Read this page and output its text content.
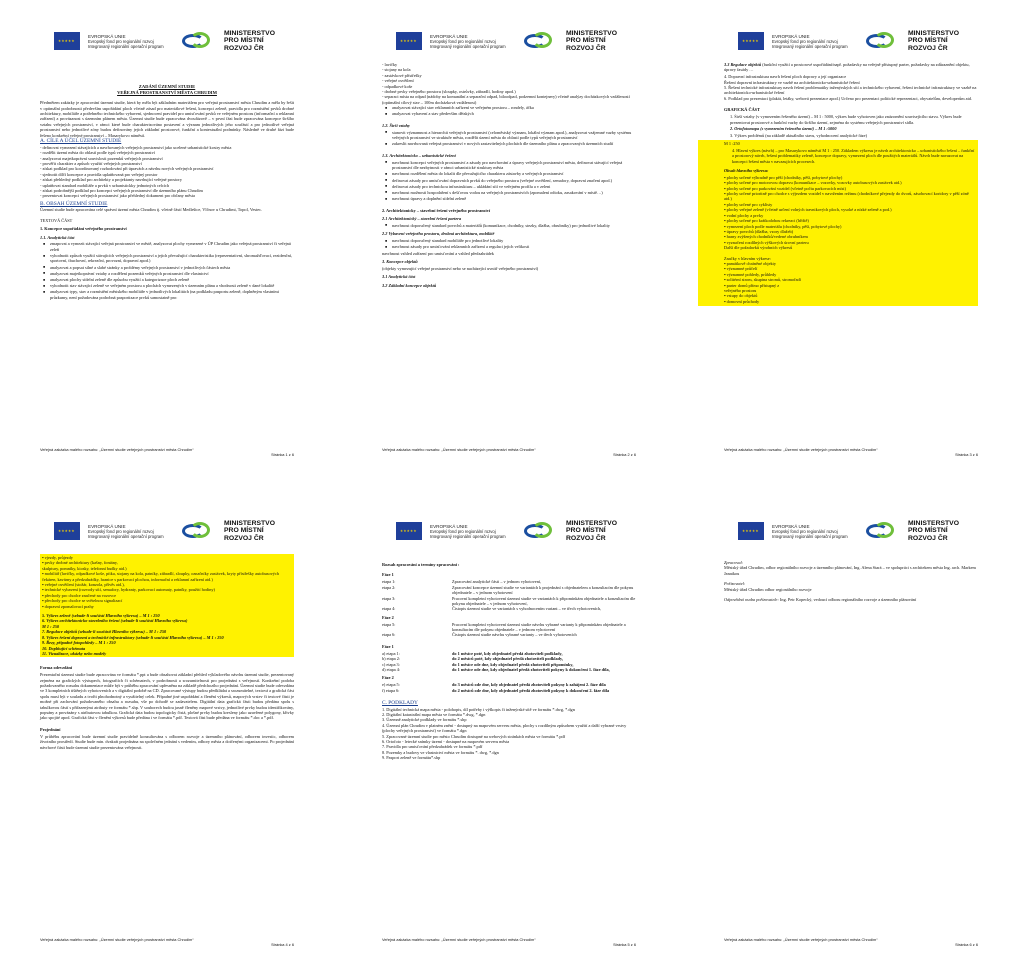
★★★★★
EVROPSKÁ UNIE
Evropský fond pro regionální rozvoj
Integrovaný regionální operační program
MINISTERSTVO
PRO MÍSTNÍ
ROZVOJ ČR
ZADÁNÍ ÚZEMNÍ STUDIE
VEŘEJNÁ PROSTRANSTVÍ MĚSTA CHRUDIM

Předmětem zakázky je zpracování územní studie, která by měla být základním materiálem pro veřejná prostranství města Chrudim a měla by řešit v optimální podrobnosti především uspořádání ploch včetně zásad pro materiálové řešení, koncepci zeleně, pravidla pro rozmístění prvků drobné architektury, mobiliáře a potřebného technického vybavení, sjednocení pravidel pro umisťování prvků ve veřejném prostoru (informační a reklamní zařízení) a provázanost s územním plánem města. Územní studie bude zpracována dvoufázově – v první fázi bude zpracována koncepce širšího vztahu veřejných prostranství, v rámci které bude charakterizováno postavení a význam jednotlivých jeho součástí a pro jednotlivé veřejná prostranství nebo jednotlivé zóny budou definovány jejich základní prostorové, funkční a kontextuální podmínky. Následně ve druhé fázi bude řešeno konkrétní veřejné prostranství – Masarykovo náměstí.

A. CÍLE A ÚČEL ÚZEMNÍ STUDIE
- definovat vymezení stávajících a navrhovaných veřejných prostranství jako ucelené urbanistické kostry města
- rozdělit území města do oblastí podle typů veřejných prostranství
- analyzovat majetkoprávní souvislosti pozemků veřejných prostranství
- prověřit charakter a způsob využití veřejných prostranství
- získat podklad pro koordinovaný rozhodování při úpravách a návrhu nových veřejných prostranství
- sjednotit dílčí koncepce a pravidla uplatňovaná pro veřejný prostor
- získat přehledný podklad pro architekty a projektanty navrhující veřejné prostory
- uplatňovat standard mobiliáře a prvků v urbanistickky jednotných celcích
- získat podrobnější podklad pro koncepci veřejných prostranství dle územního plánu Chrudim
- prezentovat koncepci veřejných prostranství jako přehledný dokument pro občany města
B. OBSAH ÚZEMNÍ STUDIE

Územní studie bude zpracována celé správní území města Chrudim tj. včetně částí Medlešice, Vlčnov u Chrudimi, Topol, Vestec.

TEXTOVÁ ČÁST
1. Koncepce uspořádání veřejného prostranství
1.1. Analytická část
■ zmapovat a vymezit stávající veřejná prostranství ve městě, analyzovat plochy vymezené v ÚP Chrudim jako veřejná prostranství či veřejná zeleň
■ vyhodnotit způsob využití stávajících veřejných prostranství a jejich převažující charakteristika (reprezentativní, shromažďovací, rezidenční, sportovní, tbuchovní, rekreační, provozní, dopravní apod.)
■ analyzovat a popsat silné a slabé stránky a problémy veřejných prostranství v jednotlivých částech města
■ analyzovat majetkoprávní vztahy a rozdělení pozemků veřejných prostranství dle vlastnictví
■ analyzovat plochy sídelní zeleně dle způsobu využití a kategorizace ploch zeleně
■ vyhodnotit stav stávající zeleně ve veřejném prostoru a plochách vymezených v územním plánu a vhodnosti zeleně v dané lokalitě
■ analyzovat typy, stav a rozmístění městského mobiliáře v jednotlivých lokalitách (na podkladu pasportu zeleně, doplněným vlastními průzkumy, není požadována podrobná pasportizace prvků samostatně pro:
Veřejná zakázka malého rozsahu: „Územní studie veřejných prostranství města Chrudim“
Stránka 1 z 6
★★★★★
EVROPSKÁ UNIE
Evropský fond pro regionální rozvoj
Integrovaný regionální operační program
MINISTERSTVO
PRO MÍSTNÍ
ROZVOJ ČR
- lavičky
- stojany na kola
- zastávkové přístřešky
- veřejné osvětlení
- odpadkové koše
- drobné prvky veřejného prostoru (sloupky, ostrůvky, zábradlí, hodiny apod.)
- separaci místa na odpad (nádoby na komunální a separační odpad, biloodpad, podzemní kontejnery) včetně analýzy docházkových vzdáleností (optimální cílový stav – 100m docházková vzdálenost)
■ analyzovat stávající stav reklamních zařízení ve veřejném prostoru – rondely, áčka
■ analyzovat vybavení a stav především dětských
1.2. Širší vztahy
■ stanovit významnost a hierarchii veřejných prostranství (celoměstský význam, lokální význam apod.), analyzovat vzájemné vazby systému veřejných prostranství ve struktuře města, rozdělit území města do oblastí podle typů veřejných prostranství
■ zakreslit navrhovaná veřejná prostranství v nových zastavitelných plochách dle územního plánu a zpracovaných územních studií
1.3. Architektonicko – urbanistické řešení
■ navrhnout koncepci veřejných prostranství a zásady pro navrhování a úpravy veřejných prostranství města, definovat stávající veřejná prostranství dle nezbytnosti v rámci urbanistické struktury města
■ navrhnout rozdělení města do lokalit dle převažujícího charakteru zástavby a veřejných prostranství
■ definovat zásady pro umisťování dopravních prvků do veřejného prostoru (veřejné osvětlení, semafory, dopravní značení apod.)
■ definovat zásady pro technickou infrastrukturu – ukládání sítí ve veřejném profilu a v zeleni
■ navrhnout možnosti hospodaření s dešťovou vodou na veřejných prostranstvích (zpomalení odtoku, zasakování v místě…)
■ navrhnout úpravy a doplnění sídelní zeleně
2. Architektonicky – stavební řešení veřejného prostranství
2.1 Architektonický – stavební řešení partera
■ navrhnout doporučený standard povrchů a materiálů (komunikace, chodníky, stezky, dlažba, obrubníky) pro jednotlivé lokality
2.2 Vybavení veřejného prostoru, drobná architektura, mobiliář
■ navrhnout doporučený standard mobiliáře pro jednotlivé lokality
■ navrhnout zásady pro umisťování reklamních zařízení a regulaci jejich velikosti

navrhnout vzhled zařízení pro umisťování a vzhled předzahrádek

3. Koncepce objektů

(objekty vymezující veřejné prostranství nebo se nacházející uvnitř veřejného prostranství)

3.1 Analytická část
3.2 Základní koncepce objektů
Veřejná zakázka malého rozsahu: „Územní studie veřejných prostranství města Chrudim“
Stránka 2 z 6
★★★★★
EVROPSKÁ UNIE
Evropský fond pro regionální rozvoj
Integrovaný regionální operační program
MINISTERSTVO
PRO MÍSTNÍ
ROZVOJ ČR

3.3 Regulace objektů (funkční využití a prostorové uspořádání/např. požadavky na veřejně přístupný parter, požadavky na zdůraznění objektu, úpravy fasády …

4. Dopravní infrastruktura navrh řešení ploch dopravy a její organizace
Řešení dopravní infrastruktury ve vazbě na architektonicko-urbanistické řešení
5. Řešení technické infrastruktury navrh řešení problematiky inženýrských sítí a technického vybavení, řešení technické infrastruktury ve vazbě na architektonicko-urbanistické řešení
6. Podklad pro prezentaci (plakát, letáky, webová prezentace apod.) Určeno pro prezentaci politické reprezentaci, obyvatelům, developerům atd.
GRAFICKÁ ČÁST

1. Širší vztahy (v vymezením řešeného území) – M 1 : 5000, výkres bude vyhotoven jako znázornění souvisejícího stavu. Výkres bude prezentovat prostorové a funkční vazby do širšího území, zejména do systému veřejných prostranství sídla.

2. Ortofotomapa (s vymezením řešeného území) – M 1 :5000

3. Výkres problémů (na základě aktuálního stavu, vyhodnocení analytické fáze)

M 1 :250

4. Hlavní výkres (návrh) – pro Masarykovo náměstí M 1 : 250. Základem výkresu je návrh architektonicko – urbanistického řešení – funkční a prostorový návrh, řešení problematiky zeleně, koncepce dopravy, vymezení ploch dle použitých materiálů. Návrh bude navazovat na koncepci řešení města v navazujících procesech.

Obsah hlavního výkresu:
▪ plochy určené výhradně pro pěší (chodníky, pěší, pobytové plochy)
▪ plochy určené pro motorovou dopravu (komunikace – vozovky, vozovky autobusových zastávek atd.)
▪ plochy určené pro parkování vozidel (včetně počtu parkovacích míst)
▪ plochy určené prioritně pro chodce s výjezdem vozidel v navržením režimu (chodníkové přejezdy do dvorů, zásobovací koridory v pěší zóně atd.)
▪ plochy určené pro cyklisty
▪ plochy veřejné zeleně (včetně určení volných travnikových ploch, vysoké a nízké zeleně a pod.)
▪ vodní plochy a prvky
▪ plochy určené pro krátkodobou rekreaci (hřiště)
▪ vymezení ploch podle materiálu (chodníky, pěší, pobytové plochy)
▪ úpravy povrchů (dlažba, vzory dlažeb)
▪ hrany zvýšených chodníků/vedené obrubníkem
▪ vyznačení rozdílných výškových úrovní parteru
Další dle požadavků výrobních výkresů
Značky v hlavním výkrese:
▪ památkově chráněné objekty
▪ významné průčelí
▪ významné pohledy, průhledy
▪ solitérní strom, skupina stromů, stromořadí
▪ parter domů přímo přístupný z
veřejného prostoru
▪ vstupy do objektů
▪ domovní průchody
Veřejná zakázka malého rozsahu: „Územní studie veřejných prostranství města Chrudim“
Stránka 3 z 6
★★★★★
EVROPSKÁ UNIE
Evropský fond pro regionální rozvoj
Integrovaný regionální operační program
MINISTERSTVO
PRO MÍSTNÍ
ROZVOJ ČR
▪ vjezdy, průjezdy
▪ prvky drobné architektury (kašny, fontány,
skulptury, pomníky, kiosky, telefonní budky atd.)
▪ mobiliář (lavičky, odpadkové koše, pítka, stojany na kola, patníky, zábradlí, sloupky, označníky zastávek, kryty přístřešky autobusových čekáren, kavárny a předzahrádky, hranice s parkovací plochou, informační a reklamní zařízení atd.)
▪ veřejné osvětlení (stožár, konzola, přívěs atd.),
▪ technické vybavení (rozvody sítí, semafory, hydranty, parkovací automaty, patníky, použití hodiny)
▪ přechody pro chodce značené na vozovce
▪ přechody pro chodce se světelnou signalizací
▪ dopravní zpomalovací prahy
5. Výkres zeleně (sebude-li součástí Hlavního výkresu) – M 1 : 250
6. Výkres architektonicko-stavebního řešení (sebude-li součástí Hlavního výkresu)
M 1 : 250
7. Regulace objektů (sebude-li součástí Hlavního výkresu) – M 1 : 250
8. Výkres řešení dopravní a technické infrastruktury (sebude-li součástí Hlavního výkresu) – M 1 : 250
9. Řezy, případně fotopohledy – M 1 : 250
10. Doplňující schémata
11. Vizualizace, ukázky nebo modely
Forma odevzdání

Prezentační územní studie bude zpracována ve formátu *.ppt a bude obsahovat základní přehled výkladového návrhu územní studie, prezentovaný zejména na grafických výstupech, fotografiích či schématech, v podrobnosti a srozumitelnosti pro projednání s veřejností. Konkrétní podoba požadovaného rozsahu dokumentace může být v průběhu zpracování upřesněna na základě předchozího projednání. Územní studie bude odevzdána ve 3 kompletních tištěných vyhotoveních a v digitální podobě na CD. Zpracované výstupy budou předkládat a srozumitelné, textová a grafická část spolu musí být v souladu a tvořit plnohodnotný a využitelný celek. Případné jiné uspořádání a členění výkresů, mapových vrstev či textové části je možné při zachování požadovaného obsahu a rozsahu, vše po dohodě se zadavatelem. Digitální data grafická části budou předána spolu s tabulkovou částí s přiřazenými atributy ve formátu *.shp. V souborech budou jasně členěny mapové vrstvy, jednotlivé prvky budou identifikovány, popsány a provázány s atributovou tabulkou. Grafická data budou topologicky čistá, plošné prvky budou kresleny jako uzavřené polygony, křivky jako spojité apod. Grafická část v členění výkresů bude předána i ve formátu *.pdf. Textová část bude předána ve formátu *.doc a *.pdf.

Projednání

V průběhu zpracování bude územní studie pravidelně konzultována s odborem rozvoje a územního plánování, odborem investic, odborem životního prostředí. Studie bude min. dvakrát projednána na společném jednání s vedením, odbory města a dotčenými organizacemi. Po projednání návrhové části bude územní studie prezentována veřejnosti.

Veřejná zakázka malého rozsahu: „Územní studie veřejných prostranství města Chrudim“
Stránka 4 z 6
★★★★★
EVROPSKÁ UNIE
Evropský fond pro regionální rozvoj
Integrovaný regionální operační program
MINISTERSTVO
PRO MÍSTNÍ
ROZVOJ ČR
Rozsah zpracování a termíny zpracování :
Fáze 1
etapa 1:	Zpracování analytické části – v jednom vyhotovení,
etapa 2:	Zpracování koncepce územní studie ve variantách k projednání s objednatelem a konzultacím dle pokynu objednatele – v jednom vyhotovení
etapa 3:	Pracovní kompletní vyhotovení územní studie ve variantách k připomínkám objednatele a konzultacím dle pokynu objednatele – v jednom vyhotovení,
etapa 4:	Čistopis územní studie ve variantách s vyhodnocením variant – ve třech vyhotoveních,
Fáze 2
etapa 5:	Pracovní kompletní vyhotovení územní studie návrhu vybrané varianty k připomínkám objednatele a konzultacím dle pokynu objednatele – v jednom vyhotovení
etapa 6:	Čistopis územní studie návrhu vybrané varianty – ve třech vyhotoveních
Fáze 1
a) etapa 1:	do 1 měsíce poté, kdy objednatel předá zhotoviteli podklady,
b) etapa 2:	do 2 měsíců poté, kdy objednatel předá zhotoviteli podklady,
c) etapa 3:	do 1 měsíce ode dne, kdy objednatel předá zhotoviteli připomínky,
d) etapa 4:	do 1 měsíce ode dne, kdy objednatel předá zhotoviteli pokyny k dokončení 1. fáze díla,
Fáze 2
e) etapa 5:	do 3 měsíců ode dne, kdy objednatel předá zhotoviteli pokyny k zahájení 2. fáze díla
f) etapa 6:	do 2 měsíců ode dne, kdy objednatel předá zhotoviteli pokyny k dokončení 2. fáze díla
C. PODKLADY
1. Digitální technická mapa města - polohopis, díl potřeby i výškopis či inženýrské sítě ve formátu *.dwg, *.dgn
2. Digitální katastrální mapa města ve formátu *.dwg, *.dgn
3. Územně analytické podklady ve formátu *.shp
4. Územní plán Chrudim v platném znění - dostupný na mapovém serveru města, plochy s rozdílným způsobem využití a další vybrané vrstvy (plochy veřejných prostranství) ve formátu *.dgn
5. Zpracované územní studie pro město Chrudim dostupné na webových stránkách města ve formátu *.pdf
6. Ortofoto - letecké snímky území - dostupné na mapovém serveru města
7. Pravidla pro umisťování předzahrádek ve formátu *.pdf
8. Pozemky a budovy ve vlastnictví města ve formátu *. dwg, *.dgn
9. Pasport zeleně ve formátu*.shp
Veřejná zakázka malého rozsahu: „Územní studie veřejných prostranství města Chrudim“
Stránka 5 z 6
★★★★★
EVROPSKÁ UNIE
Evropský fond pro regionální rozvoj
Integrovaný regionální operační program
MINISTERSTVO
PRO MÍSTNÍ
ROZVOJ ČR
Zpracoval:

Městský úřad Chrudim, odbor regionálního rozvoje a územního plánování, Ing. Alena Stará – ve spolupráci s architekem města Ing. arch. Markem Janatkou

Pořizovatel:

Městský úřad Chrudim odbor regionálního rozvoje

Odpovědná osoba pořizovatele: Ing. Petr Kopecký, vedoucí odboru regionálního rozvoje a územního plánování
Veřejná zakázka malého rozsahu: „Územní studie veřejných prostranství města Chrudim“
Stránka 6 z 6
